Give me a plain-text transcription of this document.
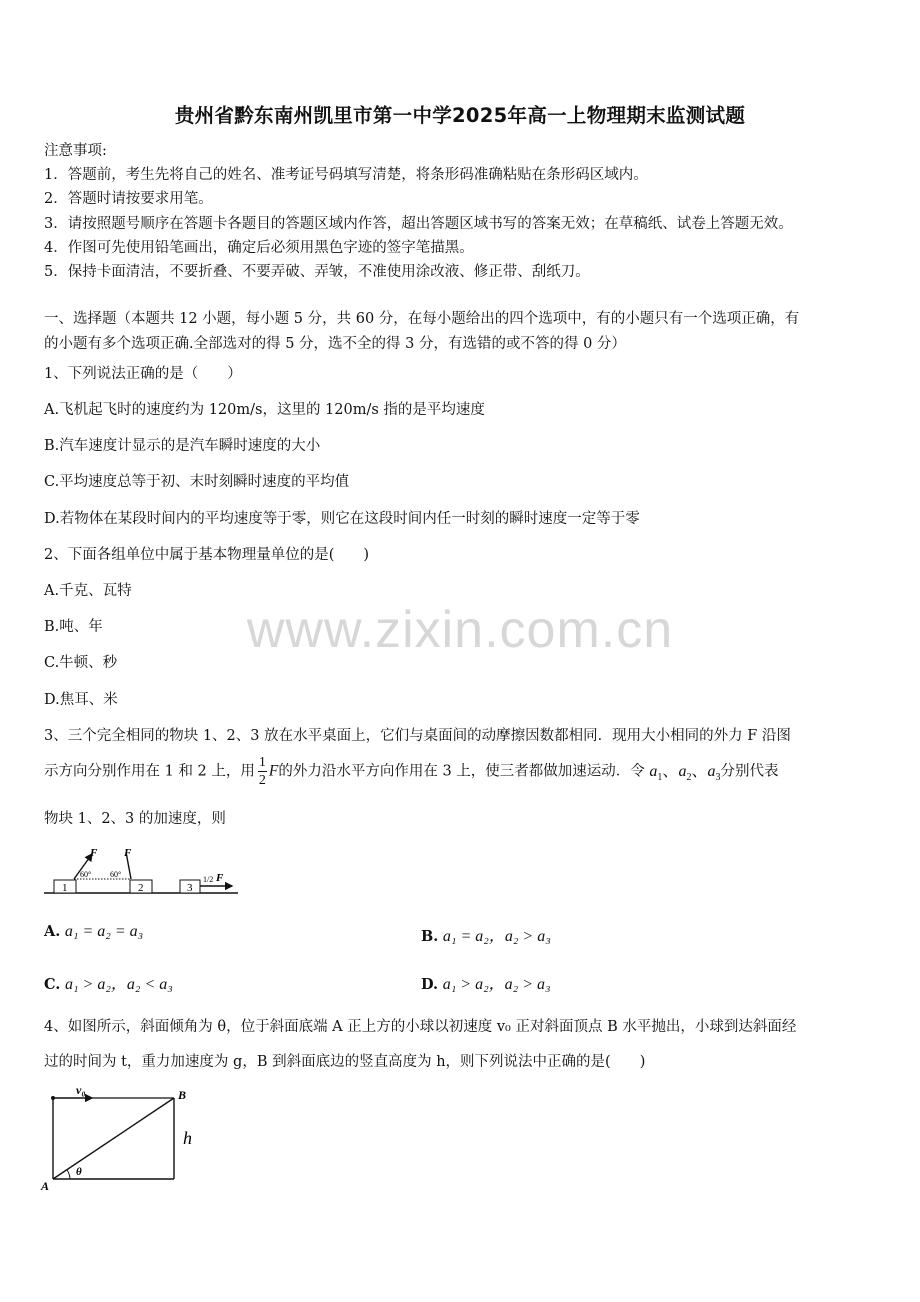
www.zixin.com.cn
贵州省黔东南州凯里市第一中学2025年高一上物理期末监测试题
注意事项:
1．答题前，考生先将自己的姓名、准考证号码填写清楚，将条形码准确粘贴在条形码区域内。
2．答题时请按要求用笔。
3．请按照题号顺序在答题卡各题目的答题区域内作答，超出答题区域书写的答案无效；在草稿纸、试卷上答题无效。
4．作图可先使用铅笔画出，确定后必须用黑色字迹的签字笔描黑。
5．保持卡面清洁，不要折叠、不要弄破、弄皱，不准使用涂改液、修正带、刮纸刀。
一、选择题（本题共 12 小题，每小题 5 分，共 60 分，在每小题给出的四个选项中，有的小题只有一个选项正确，有
的小题有多个选项正确.全部选对的得 5 分，选不全的得 3 分，有选错的或不答的得 0 分）
1、下列说法正确的是（　　）
A.飞机起飞时的速度约为 120m/s，这里的 120m/s 指的是平均速度
B.汽车速度计显示的是汽车瞬时速度的大小
C.平均速度总等于初、末时刻瞬时速度的平均值
D.若物体在某段时间内的平均速度等于零，则它在这段时间内任一时刻的瞬时速度一定等于零
2、下面各组单位中属于基本物理量单位的是(　　)
A.千克、瓦特
B.吨、年
C.牛顿、秒
D.焦耳、米
3、三个完全相同的物块 1、2、3 放在水平桌面上，它们与桌面间的动摩擦因数都相同．现用大小相同的外力 F 沿图
示方向分别作用在 1 和 2 上，用 $\frac{1}{2}$ F的外力沿水平方向作用在 3 上，使三者都做加速运动．令 $a_1$、$a_2$、$a_3$分别代表
物块 1、2、3 的加速度，则
1
F
60°
2
F
60°
3
1/2 F
A. a₁ = a₂ = a₃	B. a₁ = a₂，a₂ > a₃
C. a₁ > a₂，a₂ < a₃	D. a₁ > a₂，a₂ > a₃
4、如图所示，斜面倾角为 θ，位于斜面底端 A 正上方的小球以初速度 v₀ 正对斜面顶点 B 水平抛出，小球到达斜面经
过的时间为 t，重力加速度为 g，B 到斜面底边的竖直高度为 h，则下列说法中正确的是(　　)
v₀	B
h
θ
A
